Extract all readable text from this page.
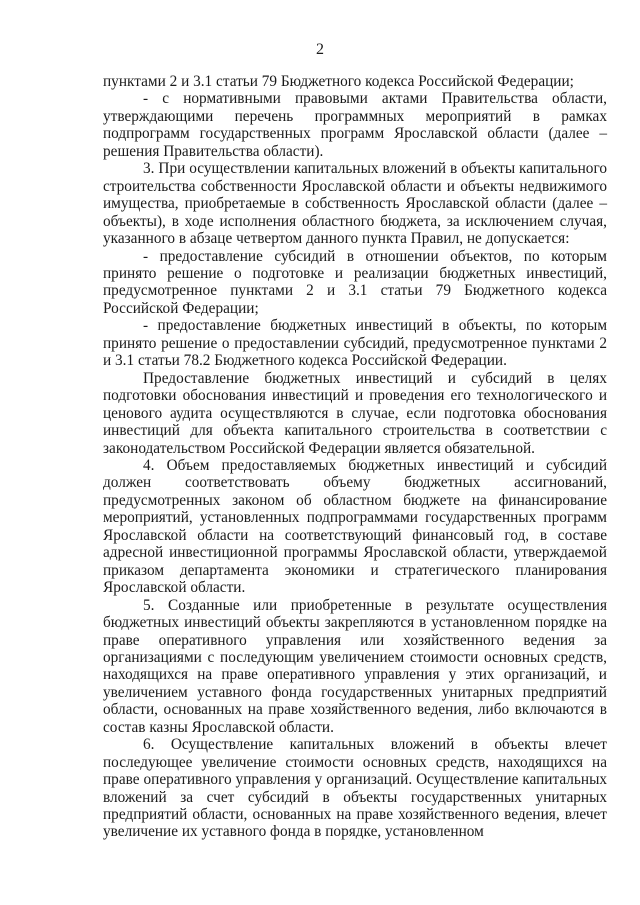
2

пунктами 2 и 3.1 статьи 79 Бюджетного кодекса Российской Федерации;

- с нормативными правовыми актами Правительства области, утверждающими перечень программных мероприятий в рамках подпрограмм государственных программ Ярославской области (далее – решения Правительства области).

3. При осуществлении капитальных вложений в объекты капитального строительства собственности Ярославской области и объекты недвижимого имущества, приобретаемые в собственность Ярославской области (далее – объекты), в ходе исполнения областного бюджета, за исключением случая, указанного в абзаце четвертом данного пункта Правил, не допускается:

- предоставление субсидий в отношении объектов, по которым принято решение о подготовке и реализации бюджетных инвестиций, предусмотренное пунктами 2 и 3.1 статьи 79 Бюджетного кодекса Российской Федерации;

- предоставление бюджетных инвестиций в объекты, по которым принято решение о предоставлении субсидий, предусмотренное пунктами 2 и 3.1 статьи 78.2 Бюджетного кодекса Российской Федерации.

Предоставление бюджетных инвестиций и субсидий в целях подготовки обоснования инвестиций и проведения его технологического и ценового аудита осуществляются в случае, если подготовка обоснования инвестиций для объекта капитального строительства в соответствии с законодательством Российской Федерации является обязательной.

4. Объем предоставляемых бюджетных инвестиций и субсидий должен соответствовать объему бюджетных ассигнований, предусмотренных законом об областном бюджете на финансирование мероприятий, установленных подпрограммами государственных программ Ярославской области на соответствующий финансовый год, в составе адресной инвестиционной программы Ярославской области, утверждаемой приказом департамента экономики и стратегического планирования Ярославской области.

5. Созданные или приобретенные в результате осуществления бюджетных инвестиций объекты закрепляются в установленном порядке на праве оперативного управления или хозяйственного ведения за организациями с последующим увеличением стоимости основных средств, находящихся на праве оперативного управления у этих организаций, и увеличением уставного фонда государственных унитарных предприятий области, основанных на праве хозяйственного ведения, либо включаются в состав казны Ярославской области.

6. Осуществление капитальных вложений в объекты влечет последующее увеличение стоимости основных средств, находящихся на праве оперативного управления у организаций. Осуществление капитальных вложений за счет субсидий в объекты государственных унитарных предприятий области, основанных на праве хозяйственного ведения, влечет увеличение их уставного фонда в порядке, установленном
